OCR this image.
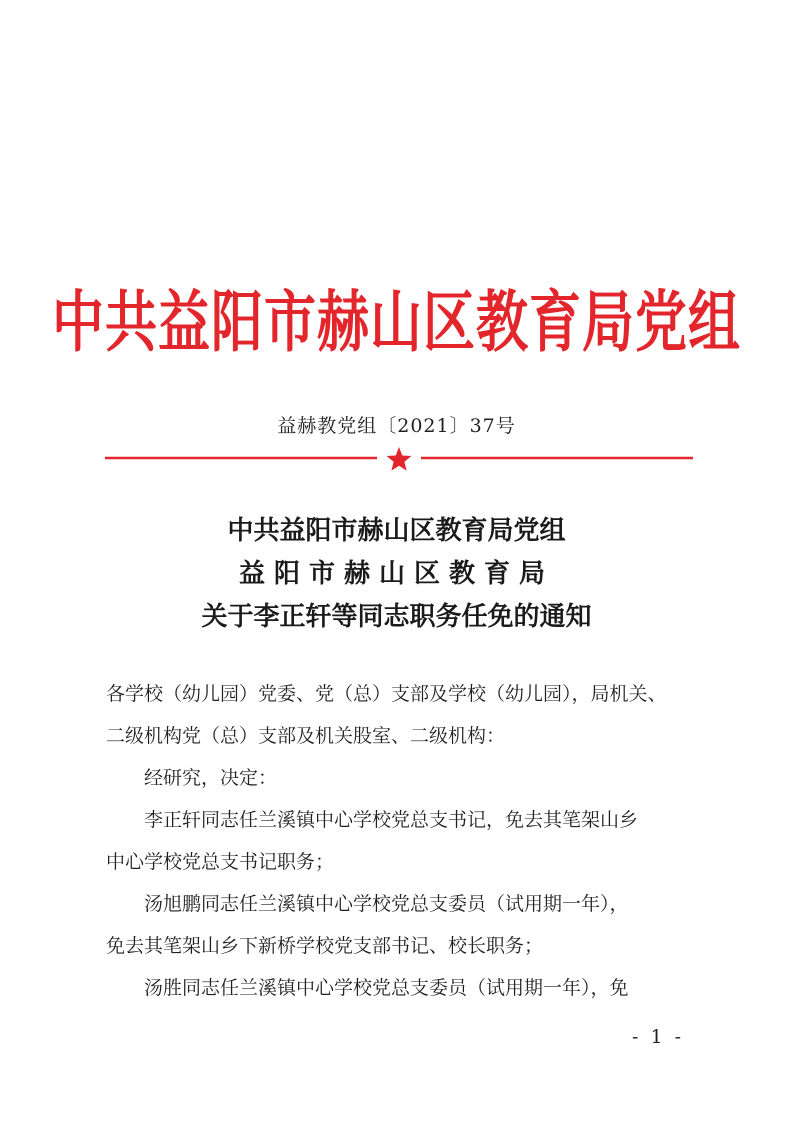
中共益阳市赫山区教育局党组
益赫教党组〔2021〕37号
中共益阳市赫山区教育局党组
益阳市赫山区教育局
关于李正轩等同志职务任免的通知
各学校（幼儿园）党委、党（总）支部及学校（幼儿园），局机关、
二级机构党（总）支部及机关股室、二级机构：
　　经研究，决定：
　　李正轩同志任兰溪镇中心学校党总支书记，免去其笔架山乡
中心学校党总支书记职务；
　　汤旭鹏同志任兰溪镇中心学校党总支委员（试用期一年），
免去其笔架山乡下新桥学校党支部书记、校长职务；
　　汤胜同志任兰溪镇中心学校党总支委员（试用期一年），免
- 1 -
